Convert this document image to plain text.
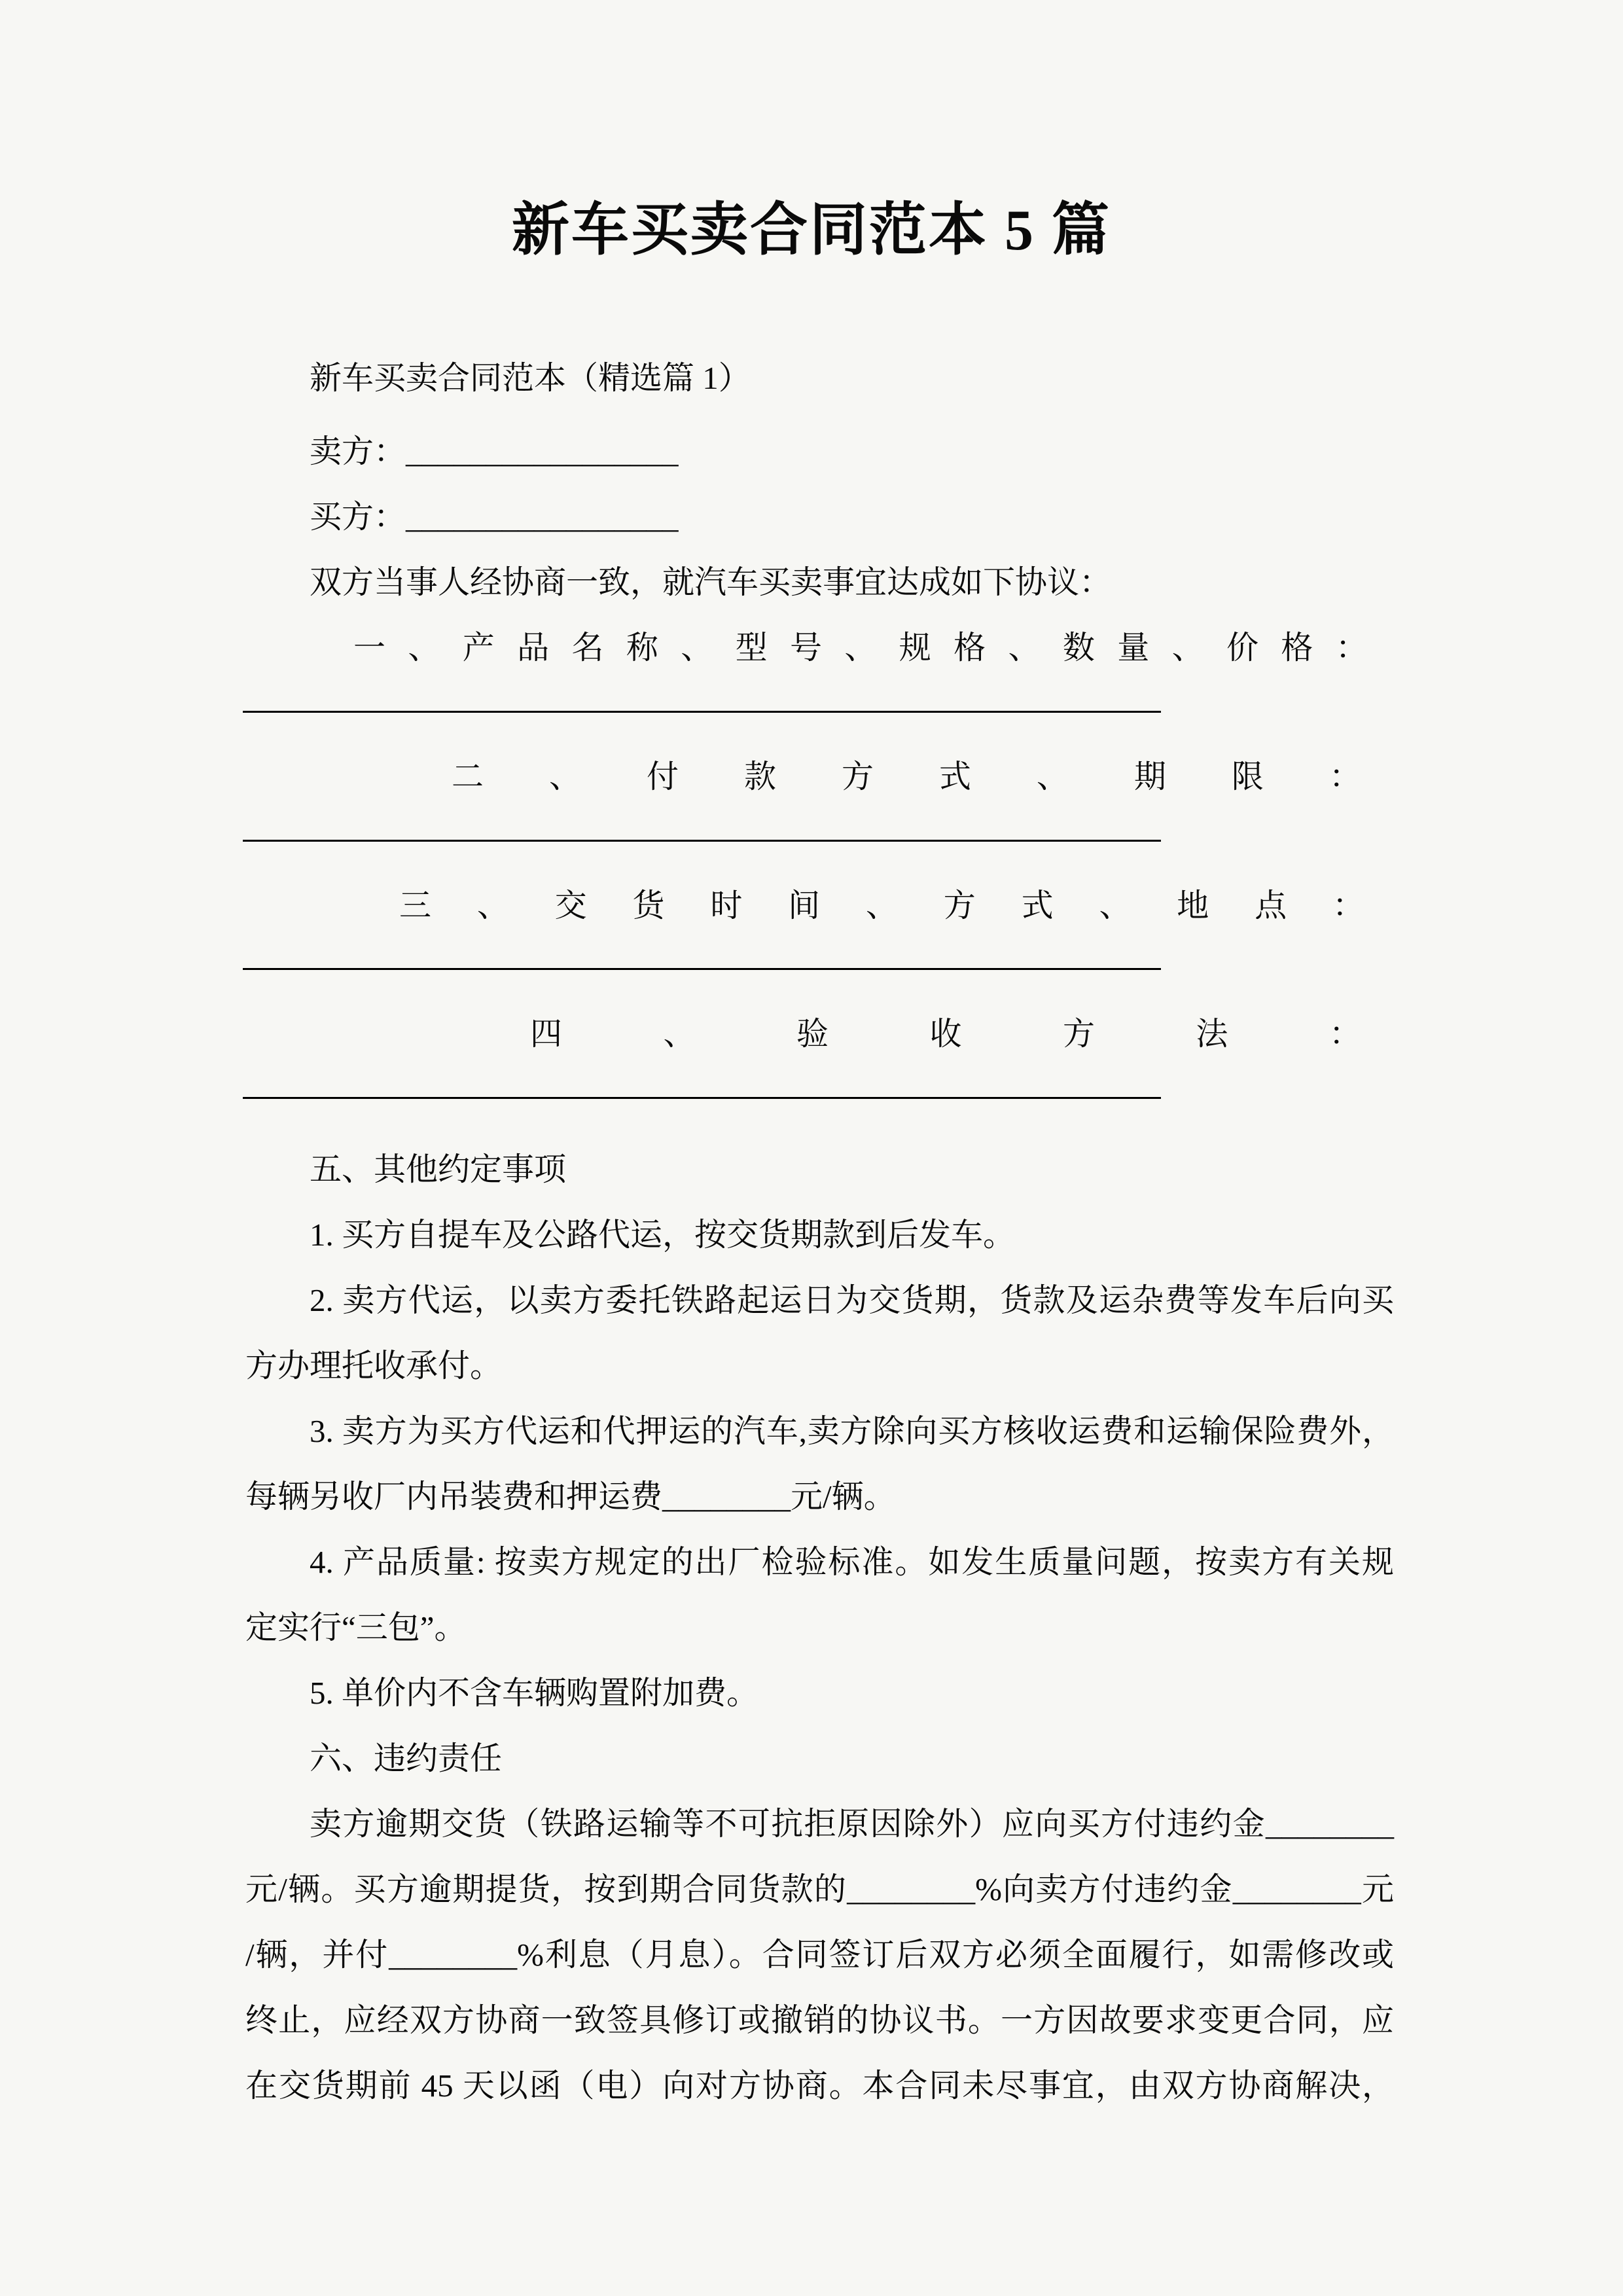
新车买卖合同范本 5 篇
新车买卖合同范本（精选篇 1）
卖方：_________________
买方：_________________
双方当事人经协商一致，就汽车买卖事宜达成如下协议：
一 、 产 品 名 称 、 型 号 、 规 格 、 数 量 、 价 格 ：
二 、 付 款 方 式 、 期 限 ：
三 、 交 货 时 间 、 方 式 、 地 点 ：
四	、	验	收	方	法	：
五、其他约定事项
1. 买方自提车及公路代运，按交货期款到后发车。
2. 卖方代运，以卖方委托铁路起运日为交货期，货款及运杂费等发车后向买
方办理托收承付。
3. 卖方为买方代运和代押运的汽车,卖方除向买方核收运费和运输保险费外，
每辆另收厂内吊装费和押运费________元/辆。
4. 产品质量: 按卖方规定的出厂检验标准。如发生质量问题，按卖方有关规
定实行“三包”。
5. 单价内不含车辆购置附加费。
六、违约责任
卖方逾期交货（铁路运输等不可抗拒原因除外）应向买方付违约金________
元/辆。买方逾期提货，按到期合同货款的________%向卖方付违约金________元
/辆，并付________%利息（月息）。合同签订后双方必须全面履行，如需修改或
终止，应经双方协商一致签具修订或撤销的协议书。一方因故要求变更合同，应
在交货期前 45 天以函（电）向对方协商。本合同未尽事宜，由双方协商解决，
